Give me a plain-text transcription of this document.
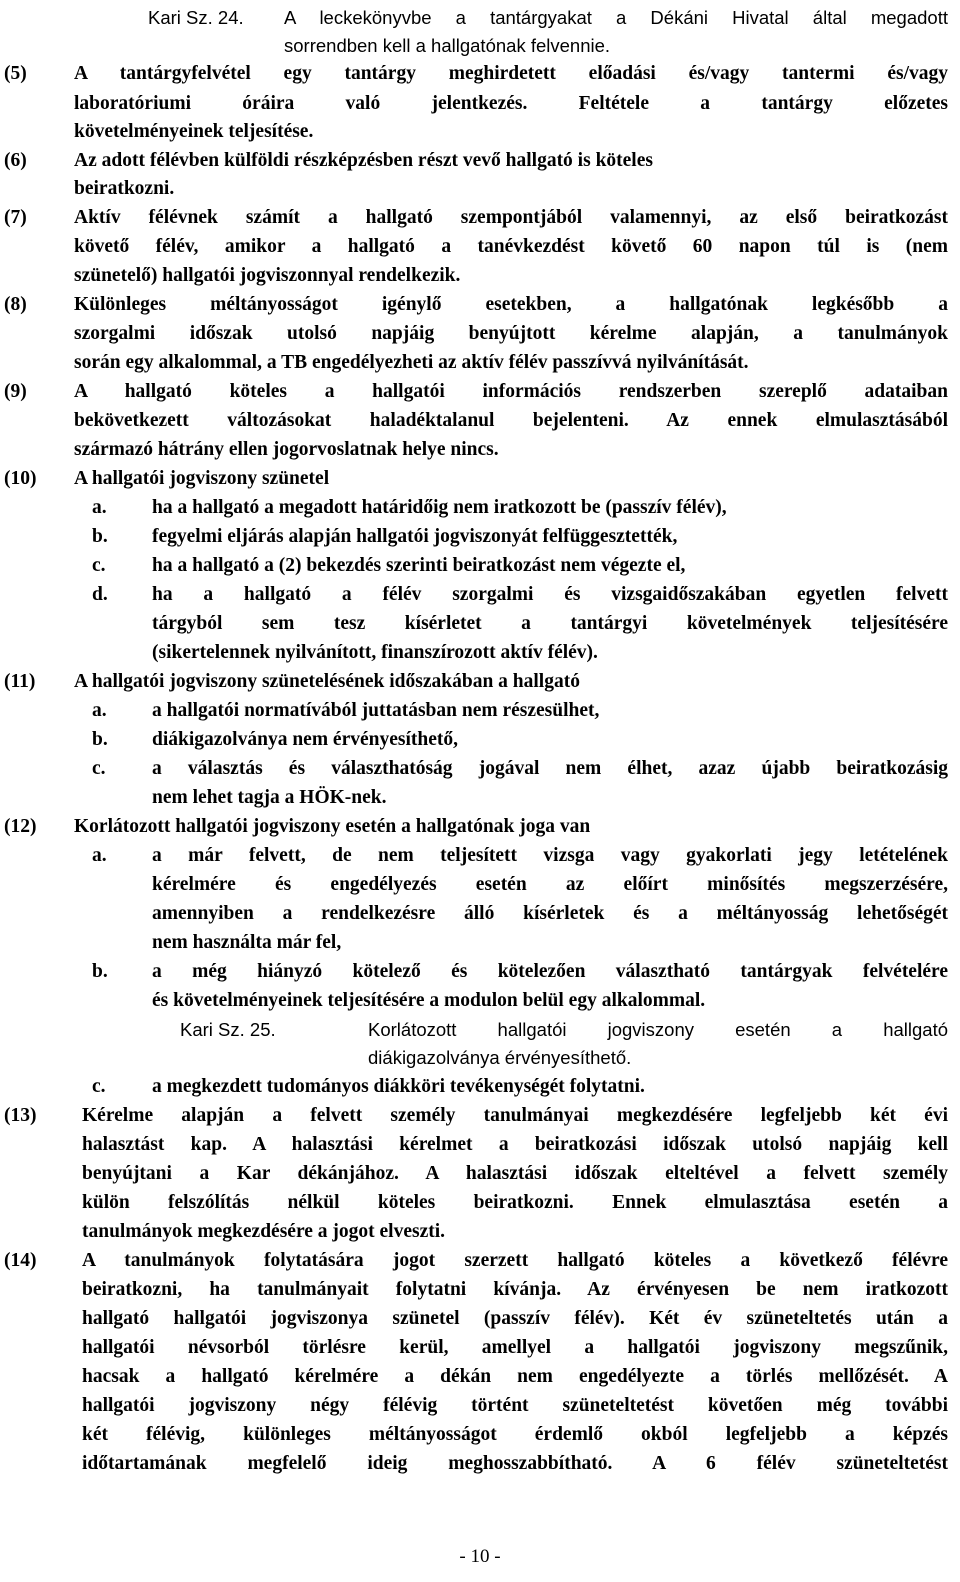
Kari Sz. 24. A leckekönyvbe a tantárgyakat a Dékáni Hivatal által megadott
sorrendben kell a hallgatónak felvennie.
(5) A tantárgyfelvétel egy tantárgy meghirdetett előadási és/vagy tantermi és/vagy
laboratóriumi óráira való jelentkezés. Feltétele a tantárgy előzetes
követelményeinek teljesítése.
(6) Az adott félévben külföldi részképzésben részt vevő hallgató is köteles
beiratkozni.
(7) Aktív félévnek számít a hallgató szempontjából valamennyi, az első beiratkozást
követő félév, amikor a hallgató a tanévkezdést követő 60 napon túl is (nem
szünetelő) hallgatói jogviszonnyal rendelkezik.
(8) Különleges méltányosságot igénylő esetekben, a hallgatónak legkésőbb a
szorgalmi időszak utolsó napjáig benyújtott kérelme alapján, a tanulmányok
során egy alkalommal, a TB engedélyezheti az aktív félév passzívvá nyilvánítását.
(9) A hallgató köteles a hallgatói információs rendszerben szereplő adataiban
bekövetkezett változásokat haladéktalanul bejelenteni. Az ennek elmulasztásából
származó hátrány ellen jogorvoslatnak helye nincs.
(10) A hallgatói jogviszony szünetel
a. ha a hallgató a megadott határidőig nem iratkozott be (passzív félév),
b. fegyelmi eljárás alapján hallgatói jogviszonyát felfüggesztették,
c. ha a hallgató a (2) bekezdés szerinti beiratkozást nem végezte el,
d. ha a hallgató a félév szorgalmi és vizsgaidőszakában egyetlen felvett
tárgyból sem tesz kísérletet a tantárgyi követelmények teljesítésére
(sikertelennek nyilvánított, finanszírozott aktív félév).
(11) A hallgatói jogviszony szünetelésének időszakában a hallgató
a. a hallgatói normatívából juttatásban nem részesülhet,
b. diákigazolványa nem érvényesíthető,
c. a választás és választhatóság jogával nem élhet, azaz újabb beiratkozásig
nem lehet tagja a HÖK-nek.
(12) Korlátozott hallgatói jogviszony esetén a hallgatónak joga van
a. a már felvett, de nem teljesített vizsga vagy gyakorlati jegy letételének
kérelmére és engedélyezés esetén az előírt minősítés megszerzésére,
amennyiben a rendelkezésre álló kísérletek és a méltányosság lehetőségét
nem használta már fel,
b. a még hiányzó kötelező és kötelezően választható tantárgyak felvételére
és követelményeinek teljesítésére a modulon belül egy alkalommal.
Kari Sz. 25.	Korlátozott hallgatói jogviszony esetén a hallgató
diákigazolványa érvényesíthető.
c. a megkezdett tudományos diákköri tevékenységét folytatni.
(13) Kérelme alapján a felvett személy tanulmányai megkezdésére legfeljebb két évi
halasztást kap. A halasztási kérelmet a beiratkozási időszak utolsó napjáig kell
benyújtani a Kar dékánjához. A halasztási időszak elteltével a felvett személy
külön felszólítás nélkül köteles beiratkozni. Ennek elmulasztása esetén a
tanulmányok megkezdésére a jogot elveszti.
(14) A tanulmányok folytatására jogot szerzett hallgató köteles a következő félévre
beiratkozni, ha tanulmányait folytatni kívánja. Az érvényesen be nem iratkozott
hallgató hallgatói jogviszonya szünetel (passzív félév). Két év szüneteltetés után a
hallgatói névsorból törlésre kerül, amellyel a hallgatói jogviszony megszűnik,
hacsak a hallgató kérelmére a dékán nem engedélyezte a törlés mellőzését. A
hallgatói jogviszony négy félévig történt szüneteltetést követően még további
két félévig, különleges méltányosságot érdemlő okból legfeljebb a képzés
időtartamának megfelelő ideig meghosszabbítható. A 6 félév szüneteltetést
- 10 -
